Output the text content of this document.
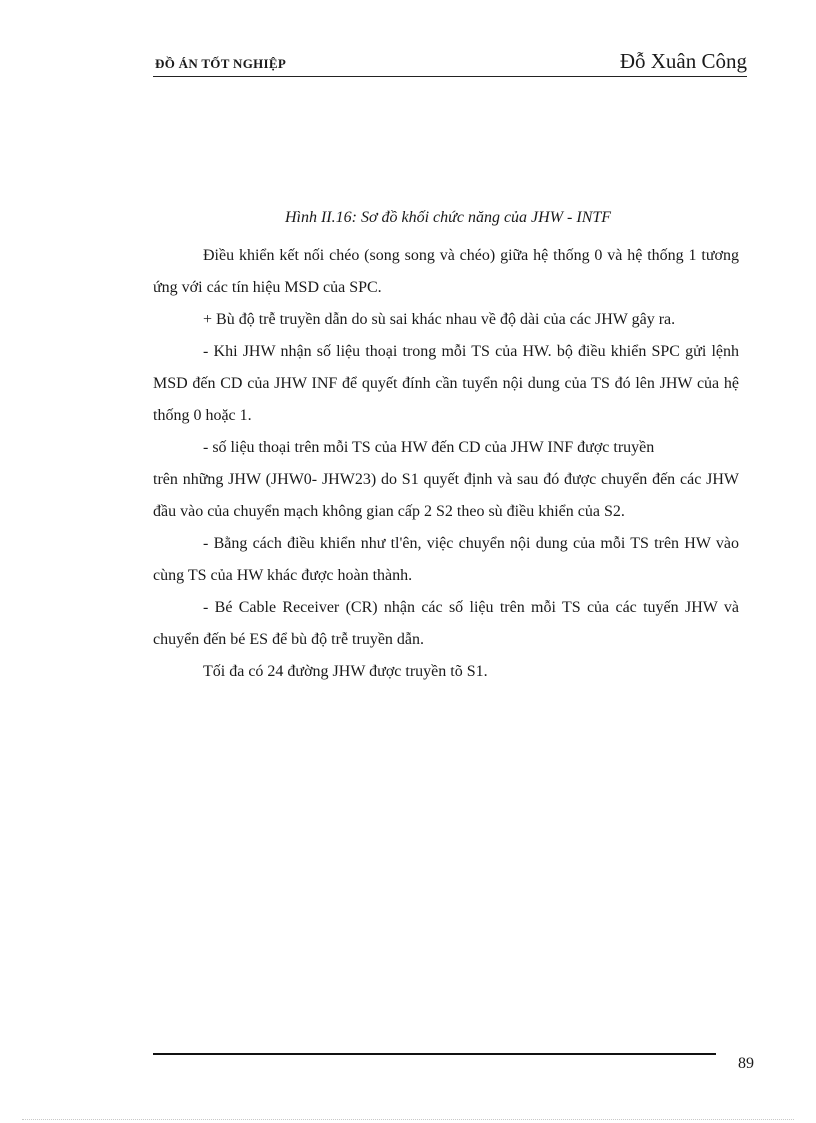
ĐỒ ÁN TỐT NGHIỆP	Đỗ Xuân Công
Hình II.16: Sơ đồ khối chức năng của JHW - INTF

Điều khiển kết nối chéo (song song và chéo) giữa hệ thống 0 và hệ thống 1 tương ứng với các tín hiệu MSD của SPC.

+ Bù độ trễ truyền dẫn do sù sai khác nhau về độ dài của các JHW gây ra.

- Khi JHW nhận số liệu thoại trong mỗi TS của HW. bộ điều khiển SPC gửi lệnh MSD đến CD của JHW INF để quyết đính cần tuyển nội dung của TS đó lên JHW của hệ thống 0 hoặc 1.

- số liệu thoại trên mỗi TS của HW đến CD của JHW INF được truyền

trên những JHW (JHW0- JHW23) do S1 quyết định và sau đó được chuyển đến các JHW đầu vào của chuyển mạch không gian cấp 2 S2 theo sù điều khiển của S2.

- Bằng cách điều khiển như tl'ên, việc chuyển nội dung của mỗi TS trên HW vào cùng TS của HW khác được hoàn thành.

- Bé Cable Receiver (CR) nhận các số liệu trên mỗi TS của các tuyến JHW và chuyển đến bé ES để bù độ trễ truyền dẫn.

Tối đa có 24 đường JHW được truyền tõ S1.

89
